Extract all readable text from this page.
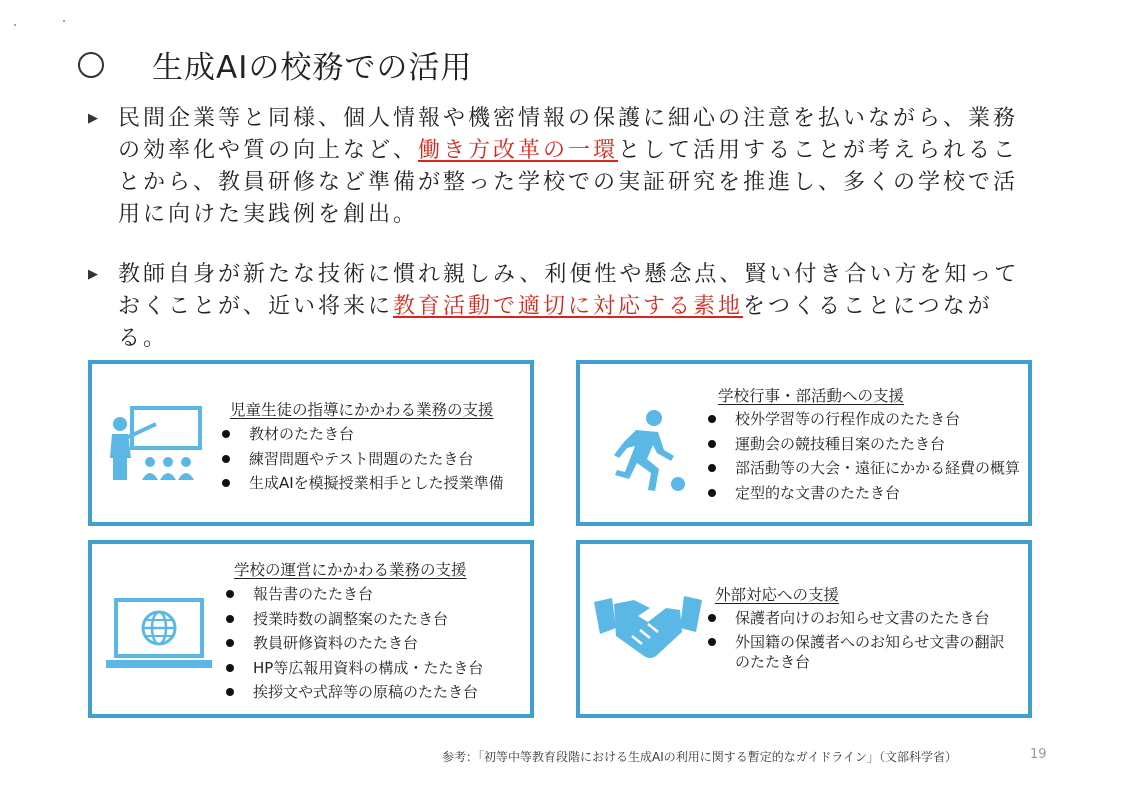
生成AIの校務での活用
▶ 民間企業等と同様、個人情報や機密情報の保護に細心の注意を払いながら、業務の効率化や質の向上など、働き方改革の一環として活用することが考えられることから、教員研修など準備が整った学校での実証研究を推進し、多くの学校で活用に向けた実践例を創出。
▶ 教師自身が新たな技術に慣れ親しみ、利便性や懸念点、賢い付き合い方を知っておくことが、近い将来に教育活動で適切に対応する素地をつくることにつながる。
児童生徒の指導にかかわる業務の支援
教材のたたき台
練習問題やテスト問題のたたき台
生成AIを模擬授業相手とした授業準備
学校行事・部活動への支援
校外学習等の行程作成のたたき台
運動会の競技種目案のたたき台
部活動等の大会・遠征にかかる経費の概算
定型的な文書のたたき台
学校の運営にかかわる業務の支援
報告書のたたき台
授業時数の調整案のたたき台
教員研修資料のたたき台
HP等広報用資料の構成・たたき台
挨拶文や式辞等の原稿のたたき台
外部対応への支援
保護者向けのお知らせ文書のたたき台
外国籍の保護者へのお知らせ文書の翻訳のたたき台
参考：「初等中等教育段階における生成AIの利用に関する暫定的なガイドライン」（文部科学省）	19
